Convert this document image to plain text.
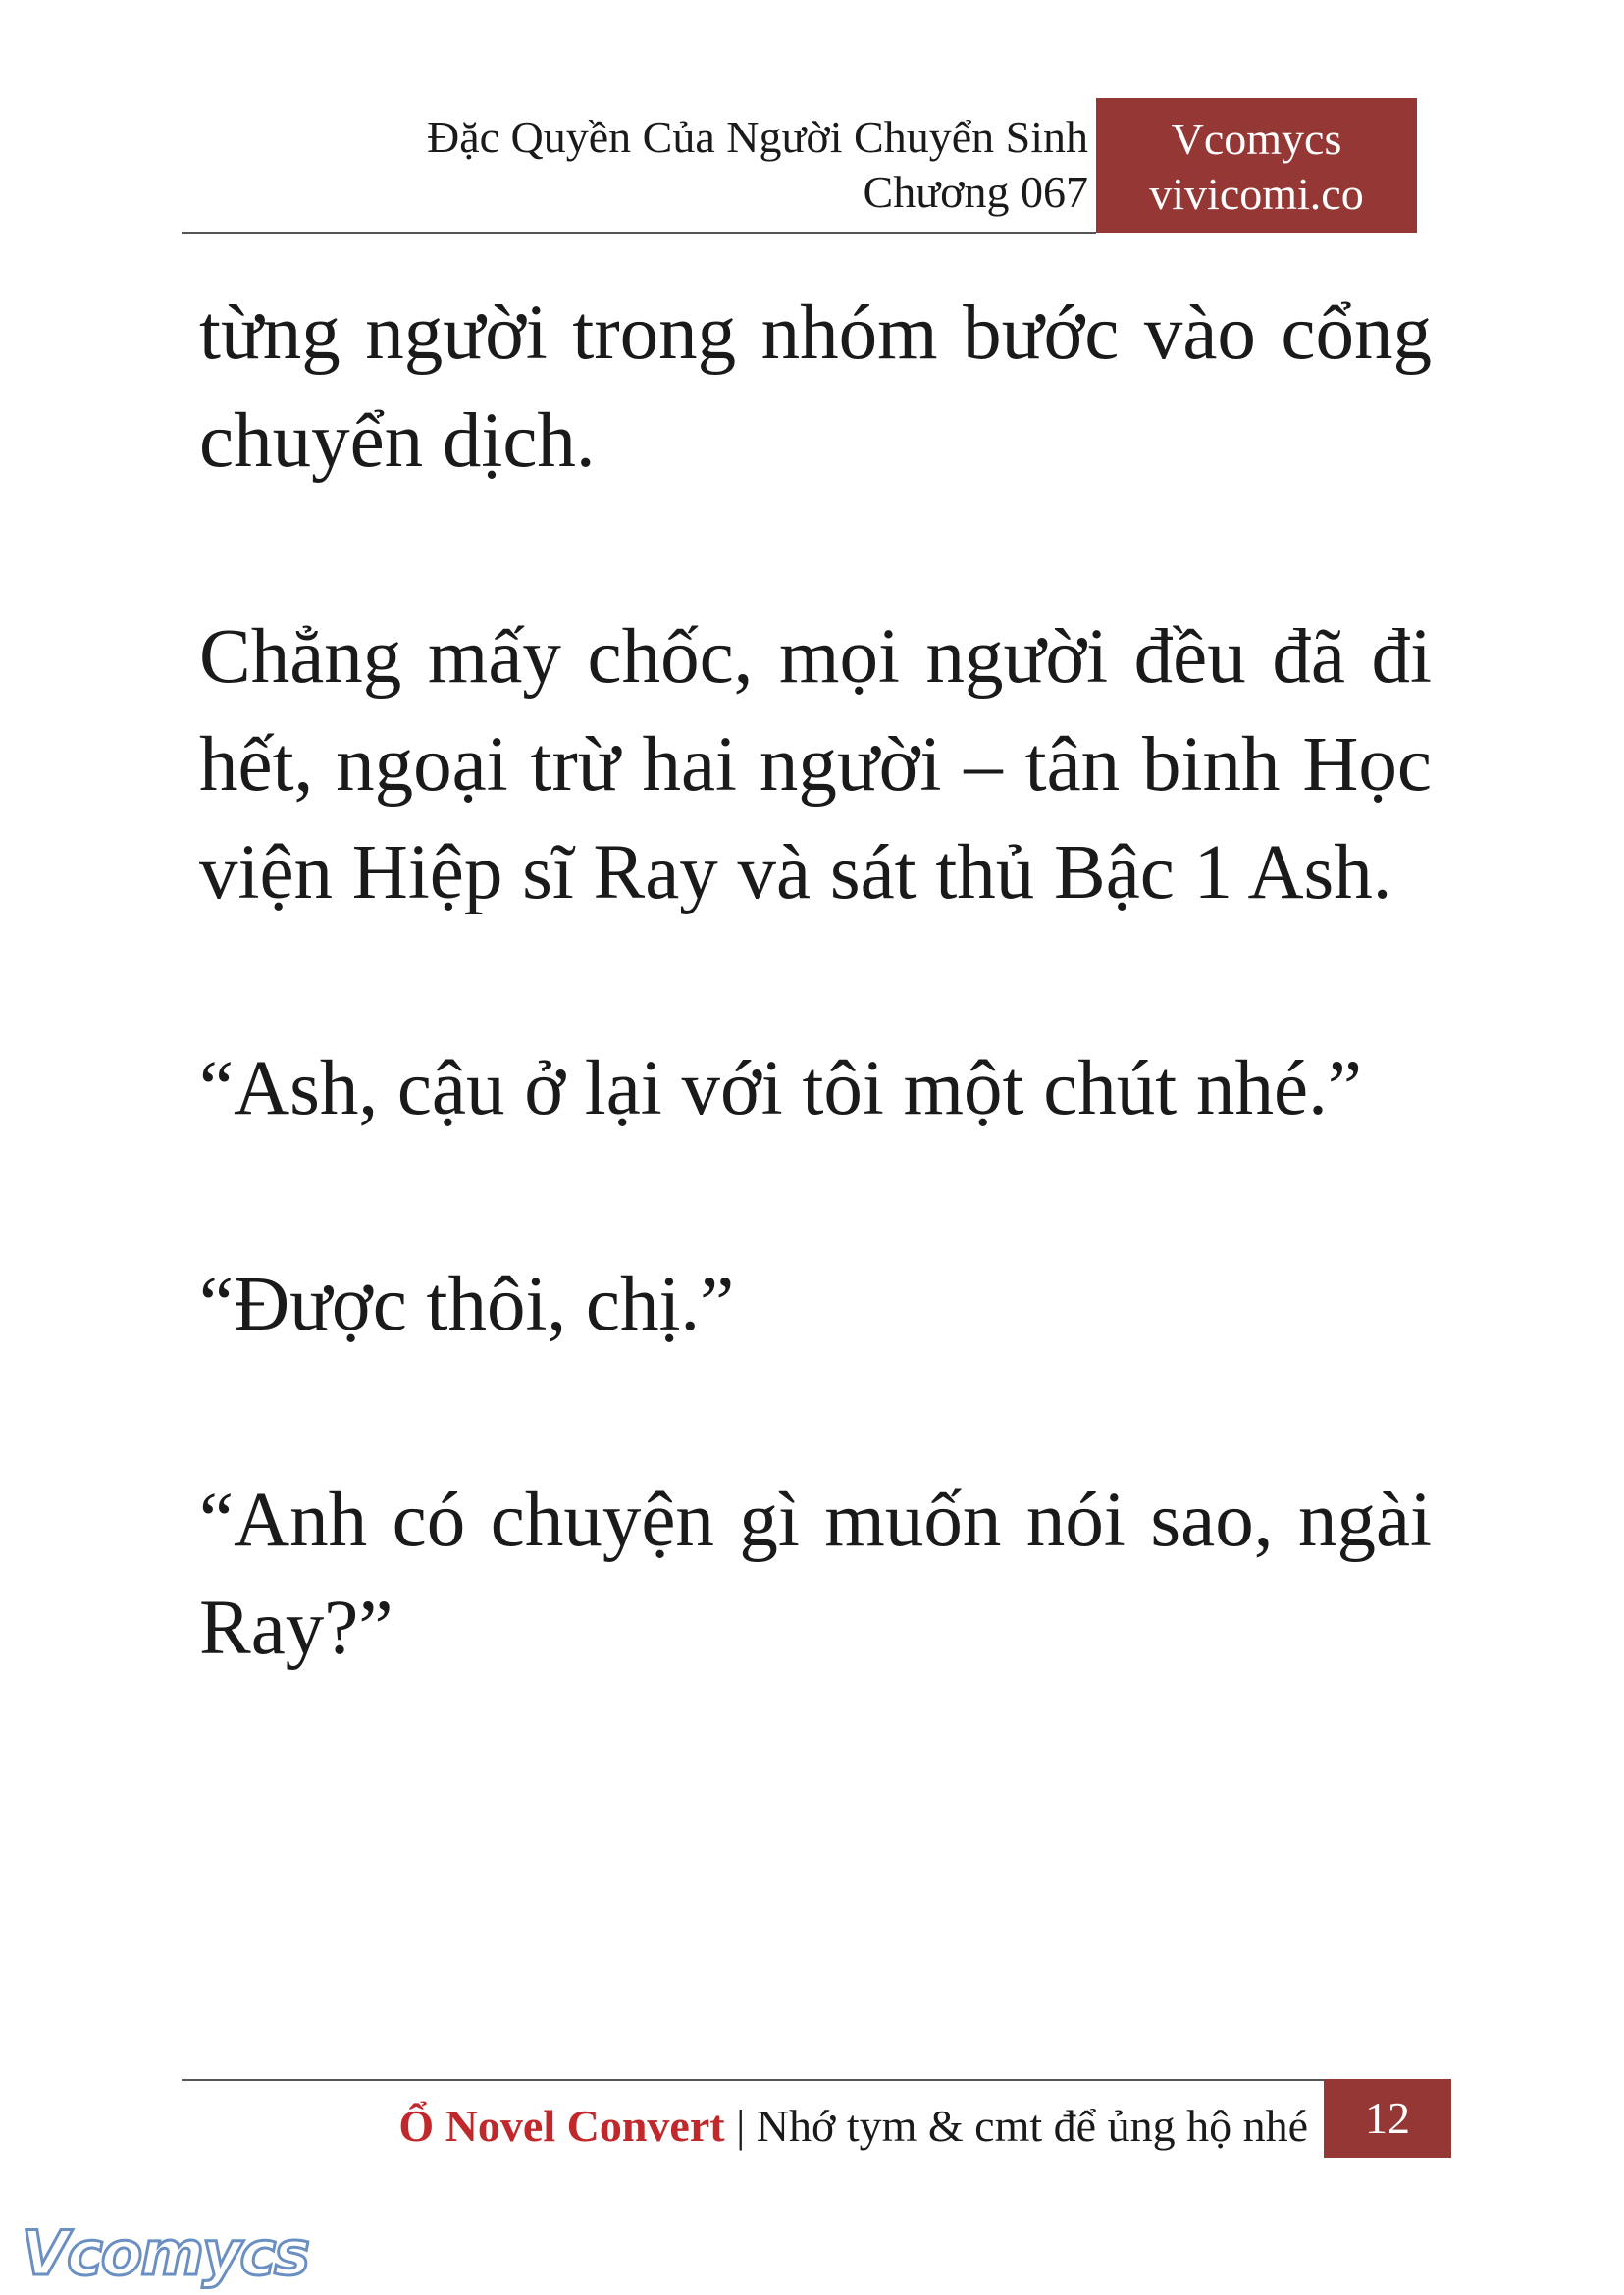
Đặc Quyền Của Người Chuyển Sinh
Chương 067
Vcomycs
vivicomi.co

từng người trong nhóm bước vào cổng chuyển dịch.

Chẳng mấy chốc, mọi người đều đã đi hết, ngoại trừ hai người – tân binh Học viện Hiệp sĩ Ray và sát thủ Bậc 1 Ash.

“Ash, cậu ở lại với tôi một chút nhé.”

“Được thôi, chị.”

“Anh có chuyện gì muốn nói sao, ngài Ray?”

Ổ Novel Convert | Nhớ tym & cmt để ủng hộ nhé	12
Vcomycs
